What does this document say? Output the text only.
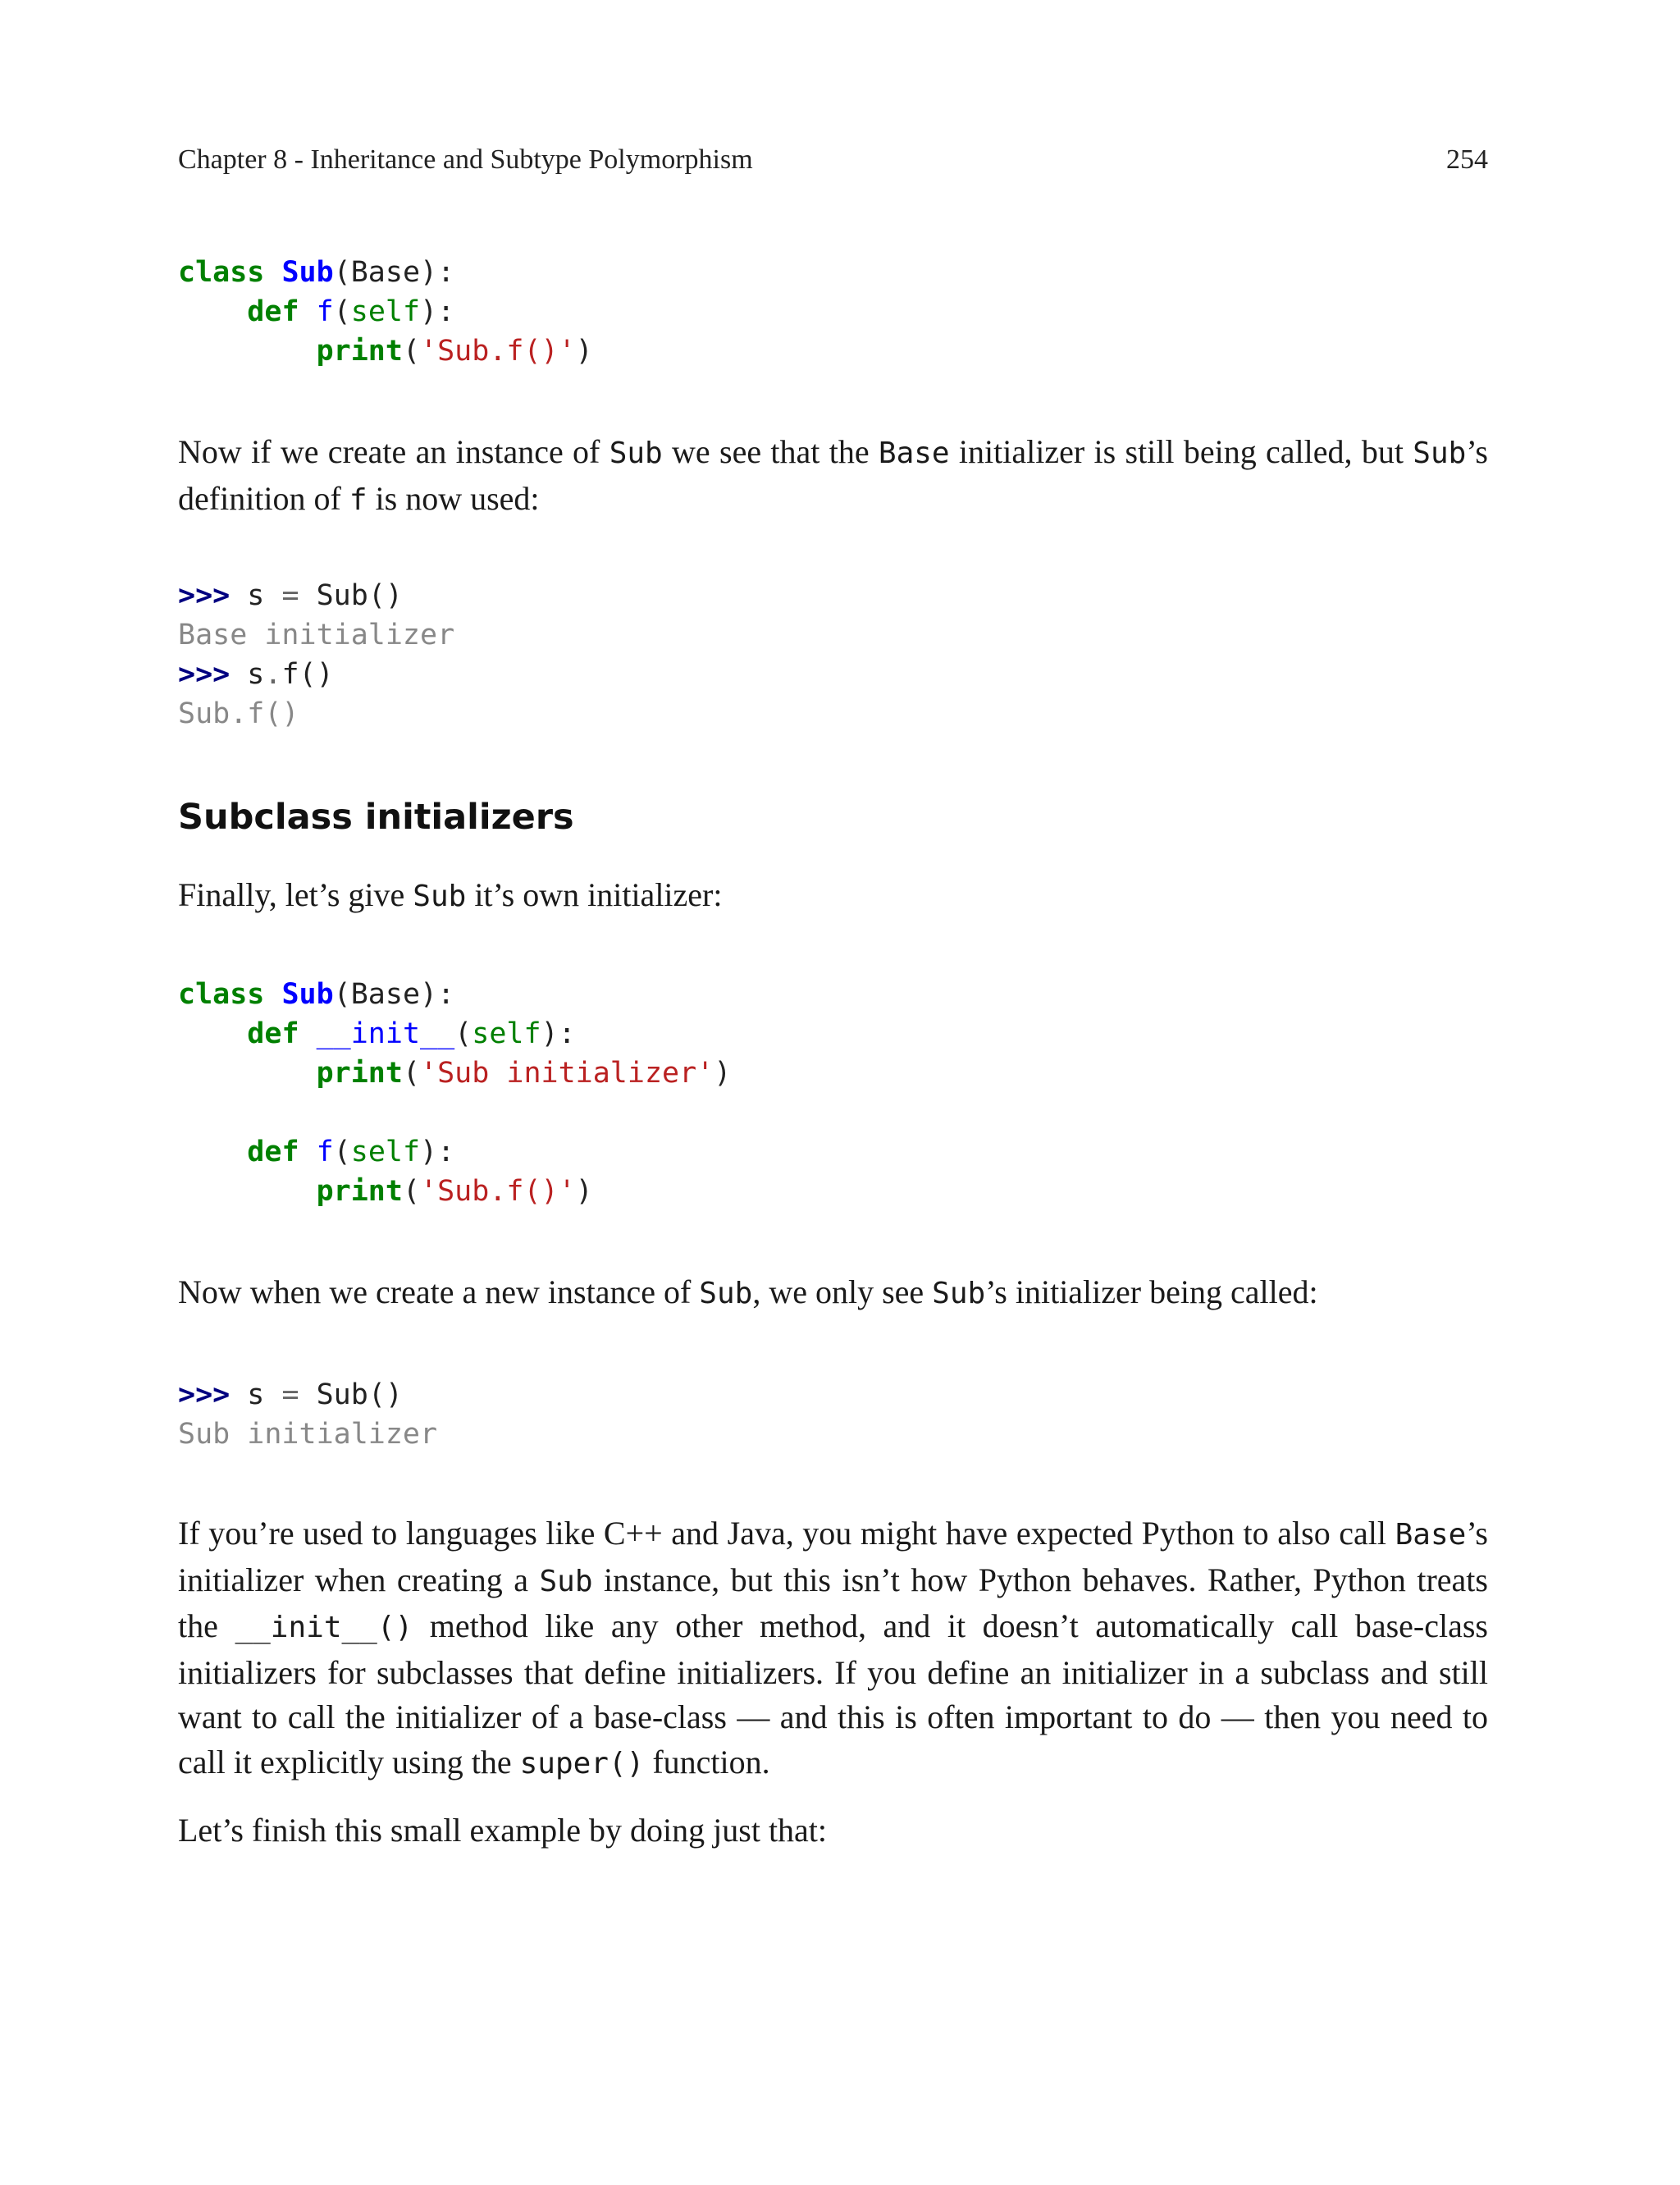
Chapter 8 - Inheritance and Subtype Polymorphism	254
class Sub(Base):
def f(self):
print('Sub.f()')

Now if we create an instance of Sub we see that the Base initializer is still being called, but Sub’s definition of f is now used:

>>> s = Sub()
Base initializer
>>> s.f()
Sub.f()
Subclass initializers

Finally, let’s give Sub it’s own initializer:

class Sub(Base):
def __init__(self):
print('Sub initializer')

def f(self):
print('Sub.f()')

Now when we create a new instance of Sub, we only see Sub’s initializer being called:

>>> s = Sub()
Sub initializer

If you’re used to languages like C++ and Java, you might have expected Python to also call Base’s initializer when creating a Sub instance, but this isn’t how Python behaves. Rather, Python treats the __init__() method like any other method, and it doesn’t automatically call base-class initializers for subclasses that define initializers. If you define an initializer in a subclass and still want to call the initializer of a base-class — and this is often important to do — then you need to call it explicitly using the super() function.

Let’s finish this small example by doing just that:
